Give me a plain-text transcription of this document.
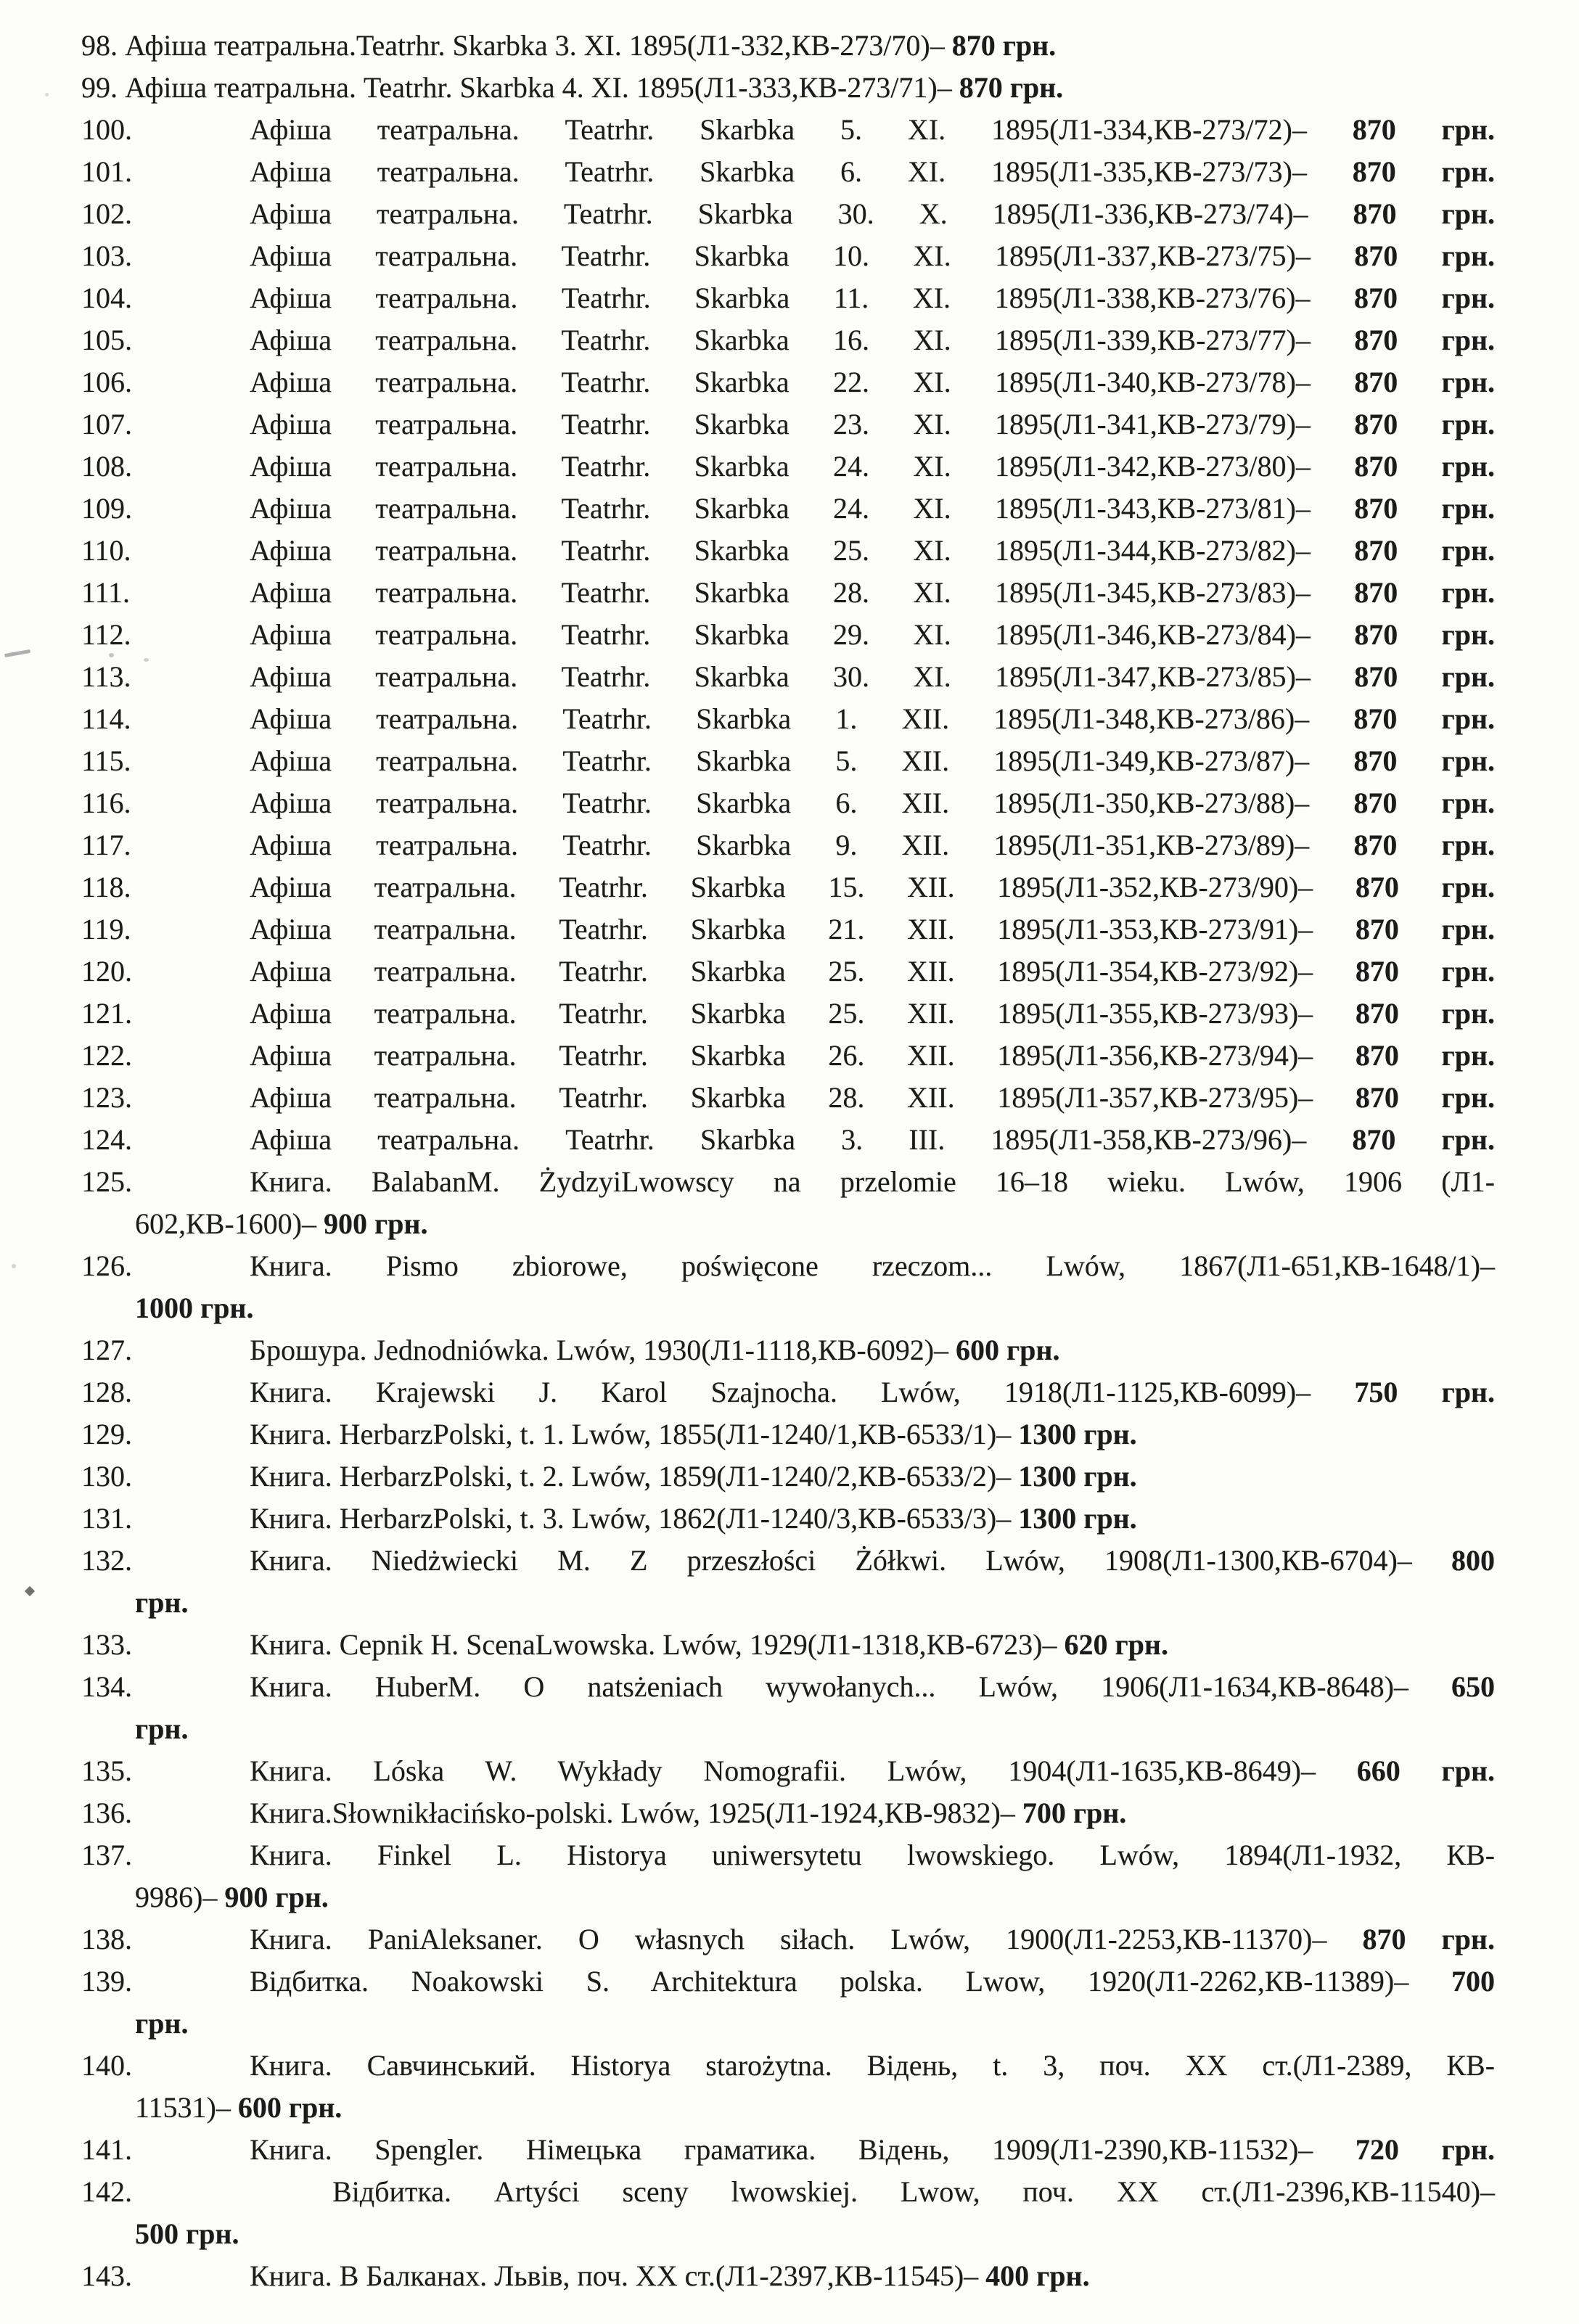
98. Афіша театральна.Teatrhr. Skarbka 3. XI. 1895(Л1-332,КВ-273/70)– 870 грн.
99. Афіша театральна. Teatrhr. Skarbka 4. XI. 1895(Л1-333,КВ-273/71)– 870 грн.
100.	Афіша театральна. Teatrhr. Skarbka 5. XI. 1895(Л1-334,КВ-273/72)– 870 грн.
101.	Афіша театральна. Teatrhr. Skarbka 6. XI. 1895(Л1-335,КВ-273/73)– 870 грн.
102.	Афіша театральна. Teatrhr. Skarbka 30. X. 1895(Л1-336,КВ-273/74)– 870 грн.
103.	Афіша театральна. Teatrhr. Skarbka 10. XI. 1895(Л1-337,КВ-273/75)– 870 грн.
104.	Афіша театральна. Teatrhr. Skarbka 11. XI. 1895(Л1-338,КВ-273/76)– 870 грн.
105.	Афіша театральна. Teatrhr. Skarbka 16. XI. 1895(Л1-339,КВ-273/77)– 870 грн.
106.	Афіша театральна. Teatrhr. Skarbka 22. XI. 1895(Л1-340,КВ-273/78)– 870 грн.
107.	Афіша театральна. Teatrhr. Skarbka 23. XI. 1895(Л1-341,КВ-273/79)– 870 грн.
108.	Афіша театральна. Teatrhr. Skarbka 24. XI. 1895(Л1-342,КВ-273/80)– 870 грн.
109.	Афіша театральна. Teatrhr. Skarbka 24. XI. 1895(Л1-343,КВ-273/81)– 870 грн.
110.	Афіша театральна. Teatrhr. Skarbka 25. XI. 1895(Л1-344,КВ-273/82)– 870 грн.
111.	Афіша театральна. Teatrhr. Skarbka 28. XI. 1895(Л1-345,КВ-273/83)– 870 грн.
112.	Афіша театральна. Teatrhr. Skarbka 29. XI. 1895(Л1-346,КВ-273/84)– 870 грн.
113.	Афіша театральна. Teatrhr. Skarbka 30. XI. 1895(Л1-347,КВ-273/85)– 870 грн.
114.	Афіша театральна. Teatrhr. Skarbka 1. XII. 1895(Л1-348,КВ-273/86)– 870 грн.
115.	Афіша театральна. Teatrhr. Skarbka 5. XII. 1895(Л1-349,КВ-273/87)– 870 грн.
116.	Афіша театральна. Teatrhr. Skarbka 6. XII. 1895(Л1-350,КВ-273/88)– 870 грн.
117.	Афіша театральна. Teatrhr. Skarbka 9. XII. 1895(Л1-351,КВ-273/89)– 870 грн.
118.	Афіша театральна. Teatrhr. Skarbka 15. XII. 1895(Л1-352,КВ-273/90)– 870 грн.
119.	Афіша театральна. Teatrhr. Skarbka 21. XII. 1895(Л1-353,КВ-273/91)– 870 грн.
120.	Афіша театральна. Teatrhr. Skarbka 25. XII. 1895(Л1-354,КВ-273/92)– 870 грн.
121.	Афіша театральна. Teatrhr. Skarbka 25. XII. 1895(Л1-355,КВ-273/93)– 870 грн.
122.	Афіша театральна. Teatrhr. Skarbka 26. XII. 1895(Л1-356,КВ-273/94)– 870 грн.
123.	Афіша театральна. Teatrhr. Skarbka 28. XII. 1895(Л1-357,КВ-273/95)– 870 грн.
124.	Афіша театральна. Teatrhr. Skarbka 3. III. 1895(Л1-358,КВ-273/96)– 870 грн.
125.	Книга. BalabanM. ŻydzyiLwowscy na przelomie 16–18 wieku. Lwów, 1906 (Л1-
602,КВ-1600)– 900 грн.
126.	Книга. Pismo zbiorowe, poświęcone rzeczom... Lwów, 1867(Л1-651,КВ-1648/1)–
1000 грн.
127.	Брошура. Jednodniówka. Lwów, 1930(Л1-1118,КВ-6092)– 600 грн.
128.	Книга. Krajewski J. Karol Szajnocha. Lwów, 1918(Л1-1125,КВ-6099)– 750 грн.
129.	Книга. HerbarzPolski, t. 1. Lwów, 1855(Л1-1240/1,КВ-6533/1)– 1300 грн.
130.	Книга. HerbarzPolski, t. 2. Lwów, 1859(Л1-1240/2,КВ-6533/2)– 1300 грн.
131.	Книга. HerbarzPolski, t. 3. Lwów, 1862(Л1-1240/3,КВ-6533/3)– 1300 грн.
132.	Книга. Niedżwiecki M. Z przeszłości Żółkwi. Lwów, 1908(Л1-1300,КВ-6704)– 800
грн.
133.	Книга. Cepnik H. ScenaLwowska. Lwów, 1929(Л1-1318,КВ-6723)– 620 грн.
134.	Книга. HuberM. O natsżeniach wywołanych... Lwów, 1906(Л1-1634,КВ-8648)– 650
грн.
135.	Книга. Lóska W. Wykłady Nomografii. Lwów, 1904(Л1-1635,КВ-8649)– 660 грн.
136.	Книга.Słownikłacińsko-polski. Lwów, 1925(Л1-1924,КВ-9832)– 700 грн.
137.	Книга. Finkel L. Historya uniwersytetu lwowskiego. Lwów, 1894(Л1-1932, КВ-
9986)– 900 грн.
138.	Книга. PaniAleksaner. O własnych siłach. Lwów, 1900(Л1-2253,КВ-11370)– 870 грн.
139.	Відбитка. Noakowski S. Architektura polska. Lwow, 1920(Л1-2262,КВ-11389)– 700
грн.
140.	Книга. Савчинський. Historya starożytna. Відень, t. 3, поч. XX ст.(Л1-2389, КВ-
11531)– 600 грн.
141.	Книга. Spengler. Німецька граматика. Відень, 1909(Л1-2390,КВ-11532)– 720 грн.
142.	Відбитка. Artyści sceny lwowskiej. Lwow, поч. XX ст.(Л1-2396,КВ-11540)–
500 грн.
143.	Книга. В Балканах. Львів, поч. XX ст.(Л1-2397,КВ-11545)– 400 грн.
